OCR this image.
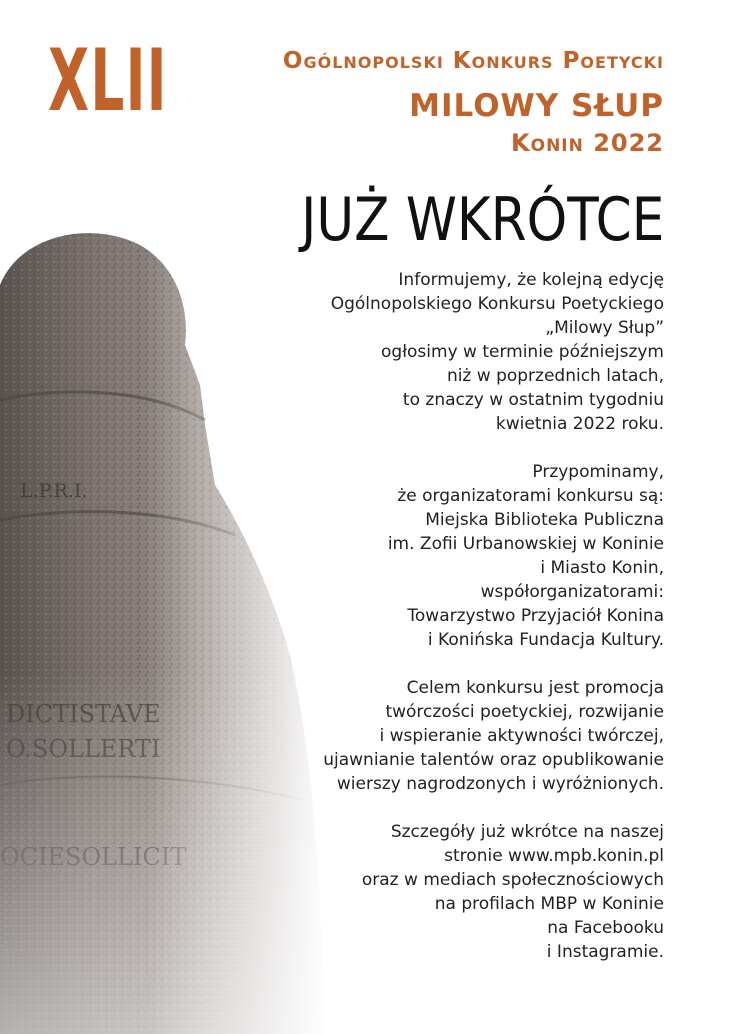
XLII	Ogólnopolski Konkurs Poetycki
MILOWY SŁUP
Konin 2022
JUŻ WKRÓTCE
Informujemy, że kolejną edycję
Ogólnopolskiego Konkursu Poetyckiego
„Milowy Słup”
ogłosimy w terminie późniejszym
niż w poprzednich latach,
to znaczy w ostatnim tygodniu
kwietnia 2022 roku.
Przypominamy,
że organizatorami konkursu są:
Miejska Biblioteka Publiczna
im. Zofii Urbanowskiej w Koninie
i Miasto Konin,
współorganizatorami:
Towarzystwo Przyjaciół Konina
i Konińska Fundacja Kultury.
Celem konkursu jest promocja
twórczości poetyckiej, rozwijanie
i wspieranie aktywności twórczej,
ujawnianie talentów oraz opublikowanie
wierszy nagrodzonych i wyróżnionych.
Szczegóły już wkrótce na naszej
stronie www.mpb.konin.pl
oraz w mediach społecznościowych
na profilach MBP w Koninie
na Facebooku
i Instagramie.
